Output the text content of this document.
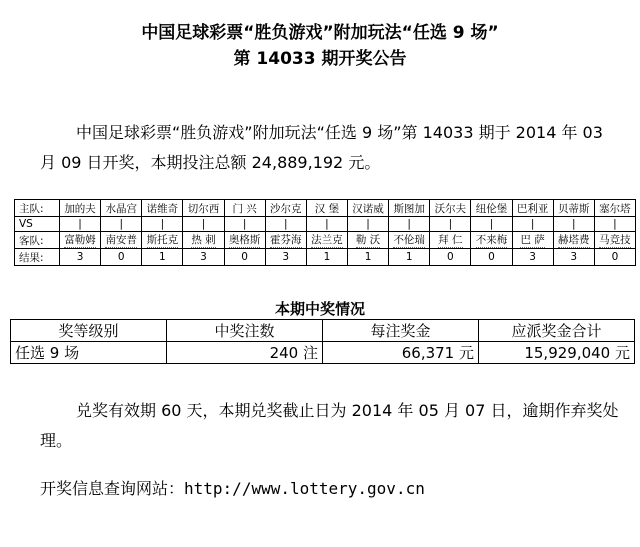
中国足球彩票“胜负游戏”附加玩法“任选 9 场”
第 14033 期开奖公告
中国足球彩票“胜负游戏”附加玩法“任选 9 场”第 14033 期于 2014 年 03 月 09 日开奖，本期投注总额 24,889,192 元。
主队:	加的夫	水晶宫	诺维奇	切尔西	门 兴	沙尔克	汉 堡	汉诺威	斯图加	沃尔夫	纽伦堡	巴利亚	贝蒂斯	塞尔塔
VS	|	|	|	|	|	|	|	|	|	|	|	|	|	|
客队:	富勒姆	南安普	斯托克	热 刺	奥格斯	霍芬海	法兰克	勒 沃	不伦瑞	拜 仁	不来梅	巴 萨	赫塔费	马竞技
结果:	3	0	1	3	0	3	1	1	1	0	0	3	3	0
本期中奖情况
奖等级别	中奖注数	每注奖金	应派奖金合计
任选 9 场	240 注	66,371 元	15,929,040 元
兑奖有效期 60 天，本期兑奖截止日为 2014 年 05 月 07 日，逾期作弃奖处理。
开奖信息查询网站：http://www.lottery.gov.cn
